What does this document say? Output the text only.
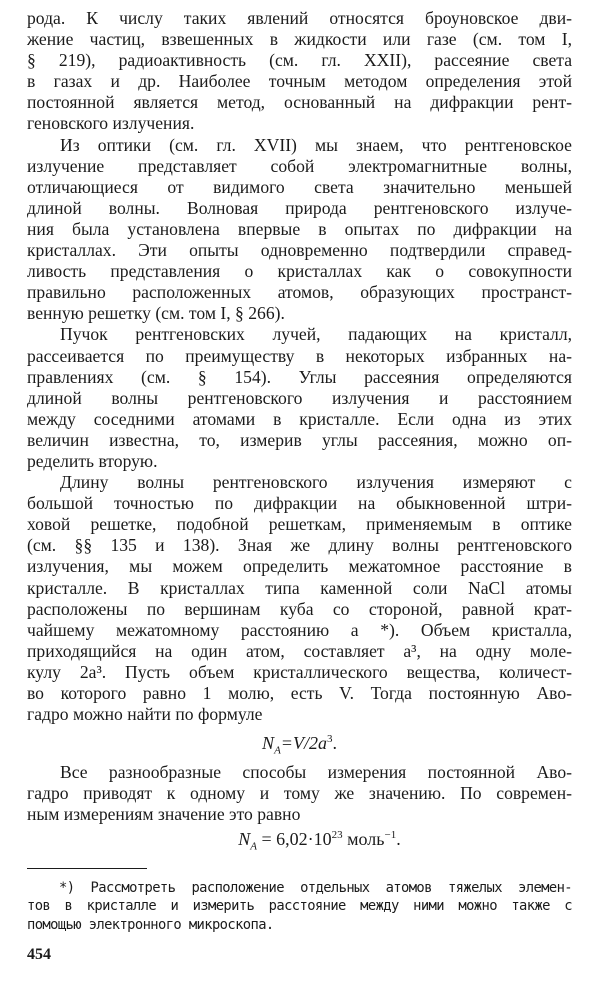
рода. К числу таких явлений относятся броуновское дви-

жение частиц, взвешенных в жидкости или газе (см. том I,

§ 219), радиоактивность (см. гл. XXII), рассеяние света

в газах и др. Наиболее точным методом определения этой

постоянной является метод, основанный на дифракции рент-

геновского излучения.

Из оптики (см. гл. XVII) мы знаем, что рентгеновское

излучение представляет собой электромагнитные волны,

отличающиеся от видимого света значительно меньшей

длиной волны. Волновая природа рентгеновского излуче-

ния была установлена впервые в опытах по дифракции на

кристаллах. Эти опыты одновременно подтвердили справед-

ливость представления о кристаллах как о совокупности

правильно расположенных атомов, образующих пространст-

венную решетку (см. том I, § 266).

Пучок рентгеновских лучей, падающих на кристалл,

рассеивается по преимуществу в некоторых избранных на-

правлениях (см. § 154). Углы рассеяния определяются

длиной волны рентгеновского излучения и расстоянием

между соседними атомами в кристалле. Если одна из этих

величин известна, то, измерив углы рассеяния, можно оп-

ределить вторую.

Длину волны рентгеновского излучения измеряют с

большой точностью по дифракции на обыкновенной штри-

ховой решетке, подобной решеткам, применяемым в оптике

(см. §§ 135 и 138). Зная же длину волны рентгеновского

излучения, мы можем определить межатомное расстояние в

кристалле. В кристаллах типа каменной соли NaCl атомы

расположены по вершинам куба со стороной, равной крат-

чайшему межатомному расстоянию a *). Объем кристалла,

приходящийся на один атом, составляет a³, на одну моле-

кулу 2a³. Пусть объем кристаллического вещества, количест-

во которого равно 1 молю, есть V. Тогда постоянную Аво-

гадро можно найти по формуле

$N_A=V/2a^3$.

Все разнообразные способы измерения постоянной Аво-

гадро приводят к одному и тому же значению. По современ-

ным измерениям значение это равно

$N_A = 6,02\cdot 10^{23}$ моль$^{-1}$.
*) Рассмотреть расположение отдельных атомов тяжелых элемен-
тов в кристалле и измерить расстояние между ними можно также с
помощью электронного микроскопа.
454
